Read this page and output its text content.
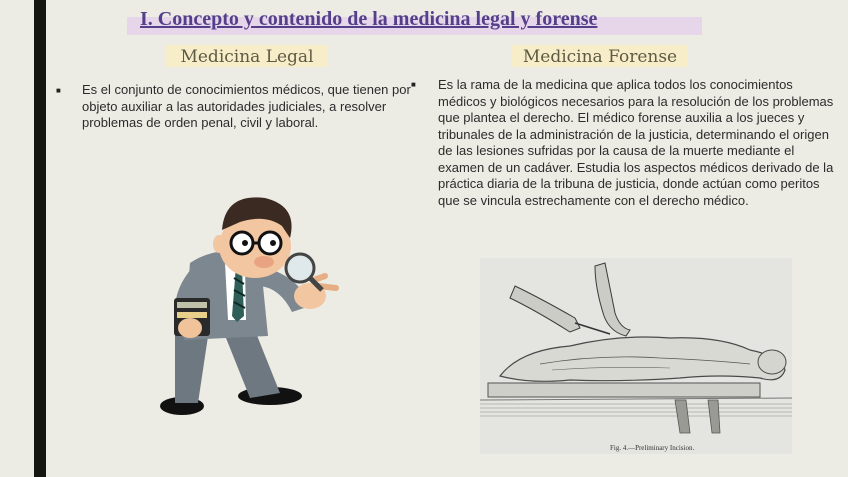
I. Concepto y contenido de la medicina legal y forense
Medicina Legal	Medicina Forense
■ Es el conjunto de conocimientos médicos, que tienen por objeto auxiliar a las autoridades judiciales, a resolver problemas de orden penal, civil y laboral.
■ Es la rama de la medicina que aplica todos los conocimientos médicos y biológicos necesarios para la resolución de los problemas que plantea el derecho. El médico forense auxilia a los jueces y tribunales de la administración de la justicia, determinando el origen de las lesiones sufridas por la causa de la muerte mediante el examen de un cadáver. Estudia los aspectos médicos derivado de la práctica diaria de la tribuna de justicia, donde actúan como peritos que se vincula estrechamente con el derecho médico.
Fig. 4.—Preliminary Incision.
